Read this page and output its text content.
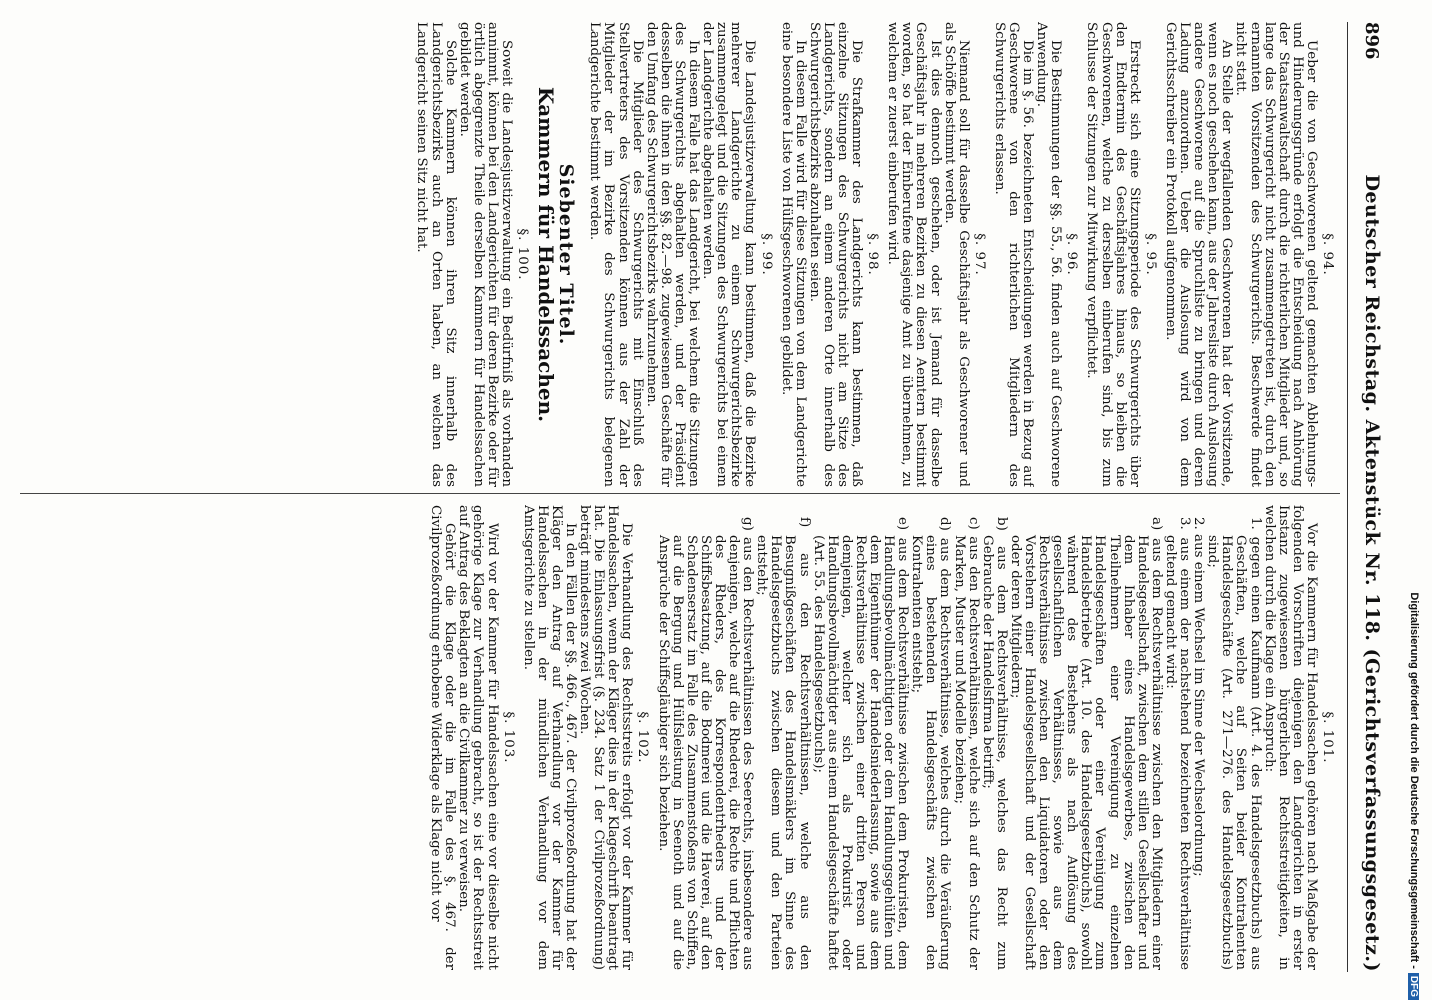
896
Deutscher Reichstag. Aktenstück Nr. 118. (Gerichtsverfassungsgesetz.)
§. 94.

Ueber die von Geschworenen geltend gemachten Ablehnungs- und Hinderungsgründe erfolgt die Entscheidung nach Anhörung der Staatsanwaltschaft durch die richterlichen Mitglieder und, so lange das Schwurgericht nicht zusammengetreten ist, durch den ernannten Vorsitzenden des Schwurgerichts. Beschwerde findet nicht statt.

An Stelle der wegfallenden Geschworenen hat der Vorsitzende, wenn es noch geschehen kann, aus der Jahresliste durch Auslosung andere Geschworene auf die Spruchliste zu bringen und deren Ladung anzuordnen. Ueber die Auslosung wird von dem Gerichtsschreiber ein Protokoll aufgenommen.

§. 95.

Erstreckt sich eine Sitzungsperiode des Schwurgerichts über den Endtermin des Geschäftsjahres hinaus, so bleiben die Geschworenen, welche zu derselben einberufen sind, bis zum Schlusse der Sitzungen zur Mitwirkung verpflichtet.

§. 96.

Die Bestimmungen der §§. 55., 56. finden auch auf Geschworene Anwendung.

Die im §. 56. bezeichneten Entscheidungen werden in Bezug auf Geschworene von den richterlichen Mitgliedern des Schwurgerichts erlassen.

§. 97.

Niemand soll für dasselbe Geschäftsjahr als Geschworener und als Schöffe bestimmt werden.

Ist dies dennoch geschehen, oder ist Jemand für dasselbe Geschäftsjahr in mehreren Bezirken zu diesen Aemtern bestimmt worden, so hat der Einberufene dasjenige Amt zu übernehmen, zu welchem er zuerst einberufen wird.

§. 98.

Die Strafkammer des Landgerichts kann bestimmen, daß einzelne Sitzungen des Schwurgerichts nicht am Sitze des Landgerichts, sondern an einem anderen Orte innerhalb des Schwurgerichtsbezirks abzuhalten seien.

In diesem Falle wird für diese Sitzungen von dem Landgerichte eine besondere Liste von Hülfsgeschworenen gebildet.

§. 99.

Die Landesjustizverwaltung kann bestimmen, daß die Bezirke mehrerer Landgerichte zu einem Schwurgerichtsbezirke zusammengelegt und die Sitzungen des Schwurgerichts bei einem der Landgerichte abgehalten werden.

In diesem Falle hat das Landgericht, bei welchem die Sitzungen des Schwurgerichts abgehalten werden, und der Präsident desselben die ihnen in den §§. 82.—98. zugewiesenen Geschäfte für den Umfang des Schwurgerichtsbezirks wahrzunehmen.

Die Mitglieder des Schwurgerichts mit Einschluß des Stellvertreters des Vorsitzenden können aus der Zahl der Mitglieder der im Bezirke des Schwurgerichts belegenen Landgerichte bestimmt werden.

Siebenter Titel.
Kammern für Handelssachen.
§. 100.

Soweit die Landesjustizverwaltung ein Bedürfniß als vorhanden annimmt, können bei den Landgerichten für deren Bezirke oder für örtlich abgegrenzte Theile derselben Kammern für Handelssachen gebildet werden.

Solche Kammern können ihren Sitz innerhalb des Landgerichtsbezirks auch an Orten haben, an welchen das Landgericht seinen Sitz nicht hat.

§. 101.

Vor die Kammern für Handelssachen gehören nach Maßgabe der folgenden Vorschriften diejenigen den Landgerichten in erster Instanz zugewiesenen bürgerlichen Rechtsstreitigkeiten, in welchen durch die Klage ein Anspruch:

1. gegen einen Kaufmann (Art. 4. des Handelsgesetzbuchs) aus Geschäften, welche auf Seiten beider Kontrahenten Handelsgeschäfte (Art. 271—276. des Handelsgesetzbuchs) sind;

2. aus einem Wechsel im Sinne der Wechselordnung;

3. aus einem der nachstehend bezeichneten Rechtsverhältnisse geltend gemacht wird:

a) aus dem Rechtsverhältnisse zwischen den Mitgliedern einer Handelsgesellschaft, zwischen dem stillen Gesellschafter und dem Inhaber eines Handelsgewerbes, zwischen den Theilnehmern einer Vereinigung zu einzelnen Handelsgeschäften oder einer Vereinigung zum Handelsbetriebe (Art. 10. des Handelsgesetzbuchs), sowohl während des Bestehens als nach Auflösung des gesellschaftlichen Verhältnisses, sowie aus dem Rechtsverhältnisse zwischen den Liquidatoren oder den Vorstehern einer Handelsgesellschaft und der Gesellschaft oder deren Mitgliedern;

b) aus dem Rechtsverhältnisse, welches das Recht zum Gebrauche der Handelsfirma betrifft;

c) aus den Rechtsverhältnissen, welche sich auf den Schutz der Marken, Muster und Modelle beziehen;

d) aus dem Rechtsverhältnisse, welches durch die Veräußerung eines bestehenden Handelsgeschäfts zwischen den Kontrahenten entsteht;

e) aus dem Rechtsverhältnisse zwischen dem Prokuristen, dem Handlungsbevollmächtigten oder dem Handlungsgehülfen und dem Eigenthümer der Handelsniederlassung, sowie aus dem Rechtsverhältnisse zwischen einer dritten Person und demjenigen, welcher sich als Prokurist oder Handlungsbevollmächtigter aus einem Handelsgeschäfte haftet (Art. 55. des Handelsgesetzbuchs);

f) aus den Rechtsverhältnissen, welche aus den Besugnißgeschäften des Handelsmäklers im Sinne des Handelsgesetzbuchs zwischen diesem und den Parteien entsteht;

g) aus den Rechtsverhältnissen des Seerechts, insbesondere aus denjenigen, welche auf die Rhederei, die Rechte und Pflichten des Rheders, des Korrespondentrheders und der Schiffsbesatzung, auf die Bodmerei und die Haverei, auf den Schadensersatz im Falle des Zusammenstoßens von Schiffen, auf die Bergung und Hülfsleistung in Seenoth und auf die Ansprüche der Schiffsgläubiger sich beziehen.

§. 102.

Die Verhandlung des Rechtsstreits erfolgt vor der Kammer für Handelssachen, wenn der Kläger dies in der Klageschrift beantragt hat. Die Einlassungsfrist (§. 234. Satz 1 der Civilprozeßordnung) beträgt mindestens zwei Wochen.

In den Fällen der §§. 466., 467. der Civilprozeßordnung hat der Kläger den Antrag auf Verhandlung vor der Kammer für Handelssachen in der mündlichen Verhandlung vor dem Amtsgerichte zu stellen.

§. 103.

Wird vor der Kammer für Handelssachen eine vor dieselbe nicht gehörige Klage zur Verhandlung gebracht, so ist der Rechtsstreit auf Antrag des Beklagten an die Civilkammer zu verweisen.

Gehört die Klage oder die im Falle des §. 467. der Civilprozeßordnung erhobene Widerklage als Klage nicht vor	Digitalisierung gefördert durch die Deutsche Forschungsgemeinschaft -
DFG
